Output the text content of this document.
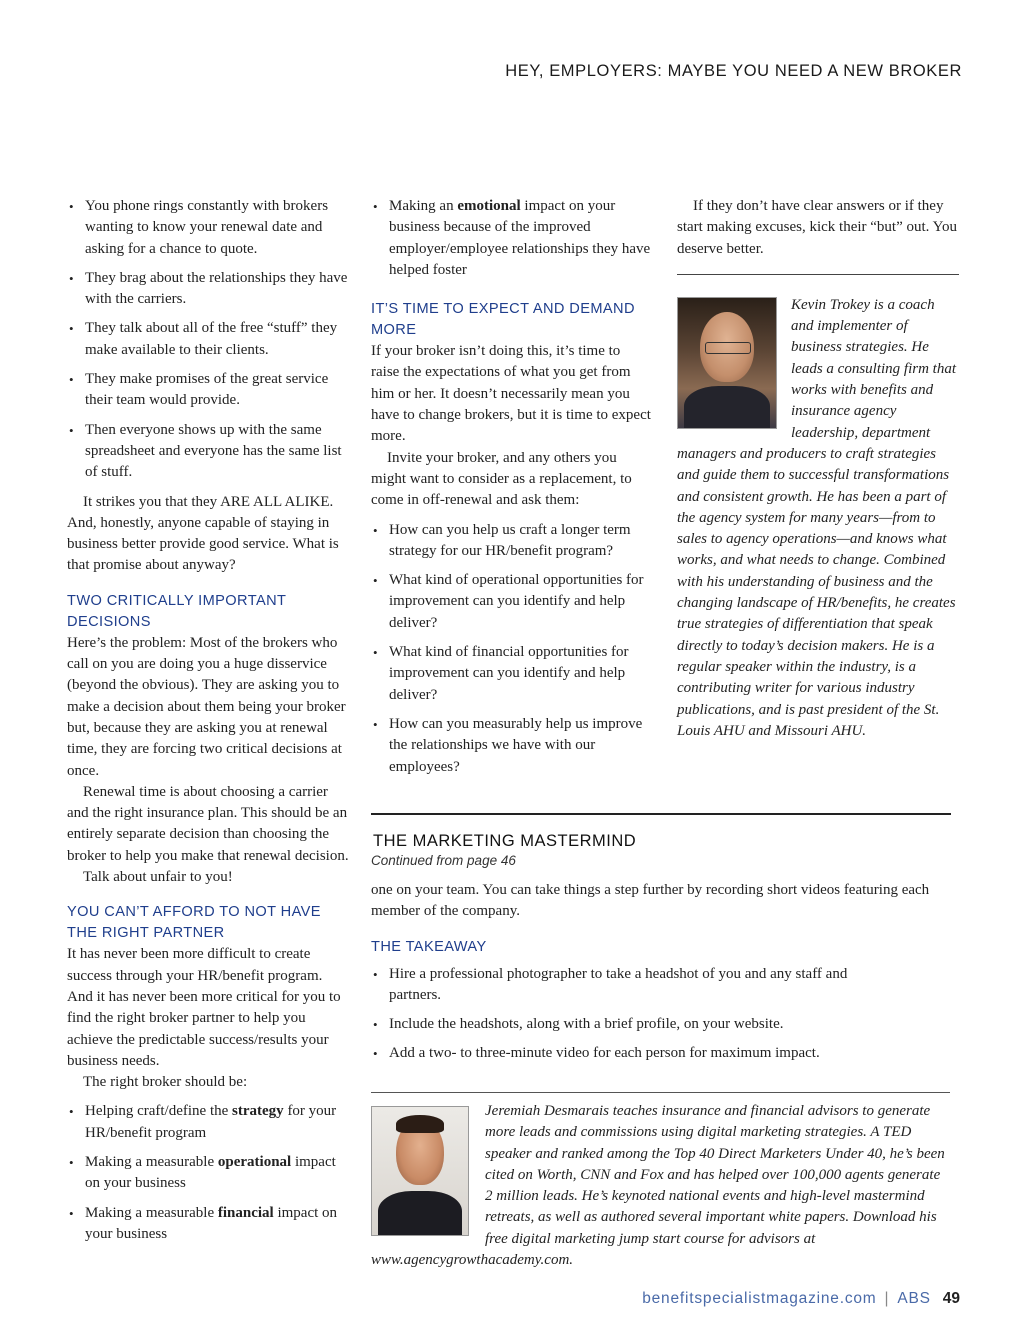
HEY, EMPLOYERS: MAYBE YOU NEED A NEW BROKER
• You phone rings constantly with brokers wanting to know your renewal date and asking for a chance to quote.
• They brag about the relationships they have with the carriers.
• They talk about all of the free “stuff” they make available to their clients.
• They make promises of the great service their team would provide.
• Then everyone shows up with the same spreadsheet and everyone has the same list of stuff.

It strikes you that they ARE ALL ALIKE. And, honestly, anyone capable of staying in business better provide good service. What is that promise about anyway?

TWO CRITICALLY IMPORTANT DECISIONS

Here’s the problem: Most of the brokers who call on you are doing you a huge disservice (beyond the obvious). They are asking you to make a decision about them being your broker but, because they are asking you at renewal time, they are forcing two critical decisions at once.

Renewal time is about choosing a carrier and the right insurance plan. This should be an entirely separate decision than choosing the broker to help you make that renewal decision.

Talk about unfair to you!

YOU CAN’T AFFORD TO NOT HAVE THE RIGHT PARTNER

It has never been more difficult to create success through your HR/benefit program. And it has never been more critical for you to find the right broker partner to help you achieve the predictable success/results your business needs.

The right broker should be:

• Helping craft/define the strategy for your HR/benefit program
• Making a measurable operational impact on your business
• Making a measurable financial impact on your business
• Making an emotional impact on your business because of the improved employer/employee relationships they have helped foster
IT’S TIME TO EXPECT AND DEMAND MORE

If your broker isn’t doing this, it’s time to raise the expectations of what you get from him or her. It doesn’t necessarily mean you have to change brokers, but it is time to expect more.

Invite your broker, and any others you might want to consider as a replacement, to come in off-renewal and ask them:

• How can you help us craft a longer term strategy for our HR/benefit program?
• What kind of operational opportunities for improvement can you identify and help deliver?
• What kind of financial opportunities for improvement can you identify and help deliver?
• How can you measurably help us improve the relationships we have with our employees?

If they don’t have clear answers or if they start making excuses, kick their “but” out. You deserve better.

Kevin Trokey is a coach and implementer of business strategies. He leads a consulting firm that works with benefits and insurance agency leadership, department managers and producers to craft strategies and guide them to successful transformations and consistent growth. He has been a part of the agency system for many years—from to sales to agency operations—and knows what works, and what needs to change. Combined with his understanding of business and the changing landscape of HR/benefits, he creates true strategies of differentiation that speak directly to today’s decision makers. He is a regular speaker within the industry, is a contributing writer for various industry publications, and is past president of the St. Louis AHU and Missouri AHU.
THE MARKETING MASTERMIND
Continued from page 46

one on your team. You can take things a step further by recording short videos featuring each member of the company.

THE TAKEAWAY
• Hire a professional photographer to take a headshot of you and any staff and partners.
• Include the headshots, along with a brief profile, on your website.
• Add a two- to three-minute video for each person for maximum impact.
Jeremiah Desmarais teaches insurance and financial advisors to generate more leads and commissions using digital marketing strategies. A TED speaker and ranked among the Top 40 Direct Marketers Under 40, he’s been cited on Worth, CNN and Fox and has helped over 100,000 agents generate 2 million leads. He’s keynoted national events and high-level mastermind retreats, as well as authored several important white papers. Download his free digital marketing jump start course for advisors at www.agencygrowthacademy.com.
benefitspecialistmagazine.com | ABS 49
